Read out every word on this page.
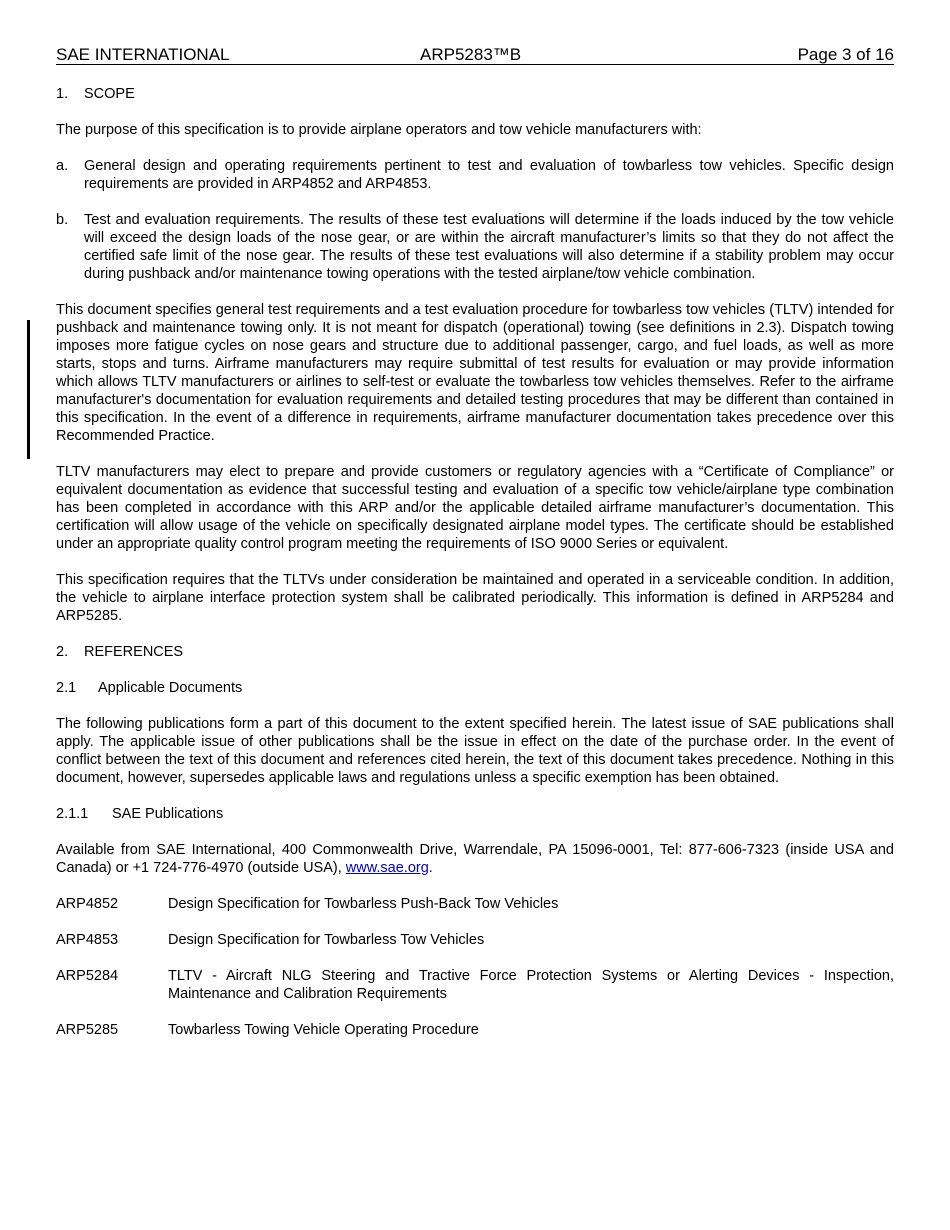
SAE INTERNATIONAL	ARP5283™B	Page 3 of 16
1. SCOPE

The purpose of this specification is to provide airplane operators and tow vehicle manufacturers with:

a. General design and operating requirements pertinent to test and evaluation of towbarless tow vehicles. Specific design requirements are provided in ARP4852 and ARP4853.
b. Test and evaluation requirements. The results of these test evaluations will determine if the loads induced by the tow vehicle will exceed the design loads of the nose gear, or are within the aircraft manufacturer’s limits so that they do not affect the certified safe limit of the nose gear. The results of these test evaluations will also determine if a stability problem may occur during pushback and/or maintenance towing operations with the tested airplane/tow vehicle combination.

This document specifies general test requirements and a test evaluation procedure for towbarless tow vehicles (TLTV) intended for pushback and maintenance towing only. It is not meant for dispatch (operational) towing (see definitions in 2.3). Dispatch towing imposes more fatigue cycles on nose gears and structure due to additional passenger, cargo, and fuel loads, as well as more starts, stops and turns. Airframe manufacturers may require submittal of test results for evaluation or may provide information which allows TLTV manufacturers or airlines to self-test or evaluate the towbarless tow vehicles themselves. Refer to the airframe manufacturer's documentation for evaluation requirements and detailed testing procedures that may be different than contained in this specification. In the event of a difference in requirements, airframe manufacturer documentation takes precedence over this Recommended Practice.

TLTV manufacturers may elect to prepare and provide customers or regulatory agencies with a “Certificate of Compliance” or equivalent documentation as evidence that successful testing and evaluation of a specific tow vehicle/airplane type combination has been completed in accordance with this ARP and/or the applicable detailed airframe manufacturer’s documentation. This certification will allow usage of the vehicle on specifically designated airplane model types. The certificate should be established under an appropriate quality control program meeting the requirements of ISO 9000 Series or equivalent.

This specification requires that the TLTVs under consideration be maintained and operated in a serviceable condition. In addition, the vehicle to airplane interface protection system shall be calibrated periodically. This information is defined in ARP5284 and ARP5285.

2. REFERENCES
2.1 Applicable Documents

The following publications form a part of this document to the extent specified herein. The latest issue of SAE publications shall apply. The applicable issue of other publications shall be the issue in effect on the date of the purchase order. In the event of conflict between the text of this document and references cited herein, the text of this document takes precedence. Nothing in this document, however, supersedes applicable laws and regulations unless a specific exemption has been obtained.

2.1.1 SAE Publications

Available from SAE International, 400 Commonwealth Drive, Warrendale, PA 15096-0001, Tel: 877-606-7323 (inside USA and Canada) or +1 724-776-4970 (outside USA), www.sae.org.

ARP4852	Design Specification for Towbarless Push-Back Tow Vehicles
ARP4853	Design Specification for Towbarless Tow Vehicles
ARP5284	TLTV - Aircraft NLG Steering and Tractive Force Protection Systems or Alerting Devices - Inspection, Maintenance and Calibration Requirements
ARP5285	Towbarless Towing Vehicle Operating Procedure
